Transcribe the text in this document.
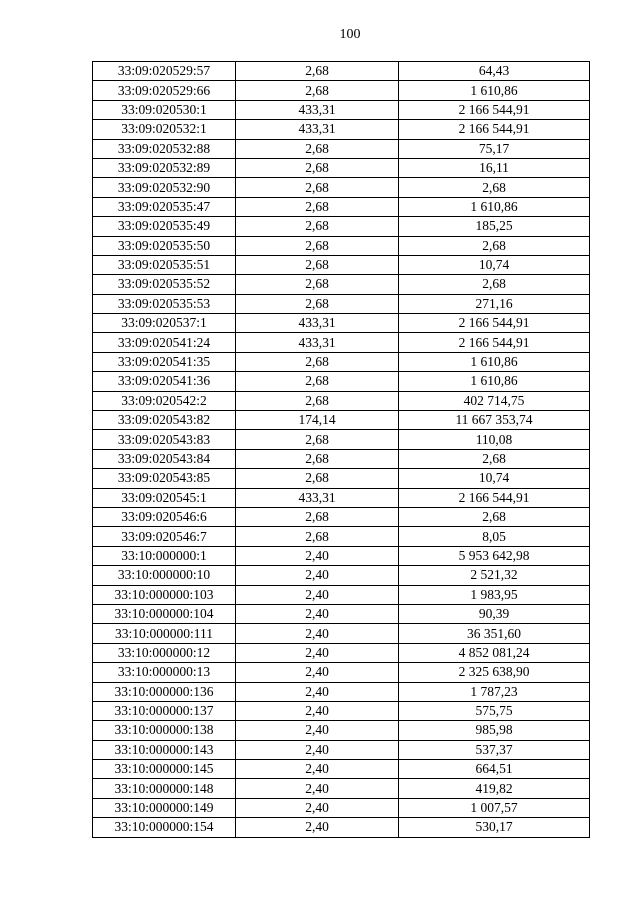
100
33:09:020529:57	2,68	64,43
33:09:020529:66	2,68	1 610,86
33:09:020530:1	433,31	2 166 544,91
33:09:020532:1	433,31	2 166 544,91
33:09:020532:88	2,68	75,17
33:09:020532:89	2,68	16,11
33:09:020532:90	2,68	2,68
33:09:020535:47	2,68	1 610,86
33:09:020535:49	2,68	185,25
33:09:020535:50	2,68	2,68
33:09:020535:51	2,68	10,74
33:09:020535:52	2,68	2,68
33:09:020535:53	2,68	271,16
33:09:020537:1	433,31	2 166 544,91
33:09:020541:24	433,31	2 166 544,91
33:09:020541:35	2,68	1 610,86
33:09:020541:36	2,68	1 610,86
33:09:020542:2	2,68	402 714,75
33:09:020543:82	174,14	11 667 353,74
33:09:020543:83	2,68	110,08
33:09:020543:84	2,68	2,68
33:09:020543:85	2,68	10,74
33:09:020545:1	433,31	2 166 544,91
33:09:020546:6	2,68	2,68
33:09:020546:7	2,68	8,05
33:10:000000:1	2,40	5 953 642,98
33:10:000000:10	2,40	2 521,32
33:10:000000:103	2,40	1 983,95
33:10:000000:104	2,40	90,39
33:10:000000:111	2,40	36 351,60
33:10:000000:12	2,40	4 852 081,24
33:10:000000:13	2,40	2 325 638,90
33:10:000000:136	2,40	1 787,23
33:10:000000:137	2,40	575,75
33:10:000000:138	2,40	985,98
33:10:000000:143	2,40	537,37
33:10:000000:145	2,40	664,51
33:10:000000:148	2,40	419,82
33:10:000000:149	2,40	1 007,57
33:10:000000:154	2,40	530,17
